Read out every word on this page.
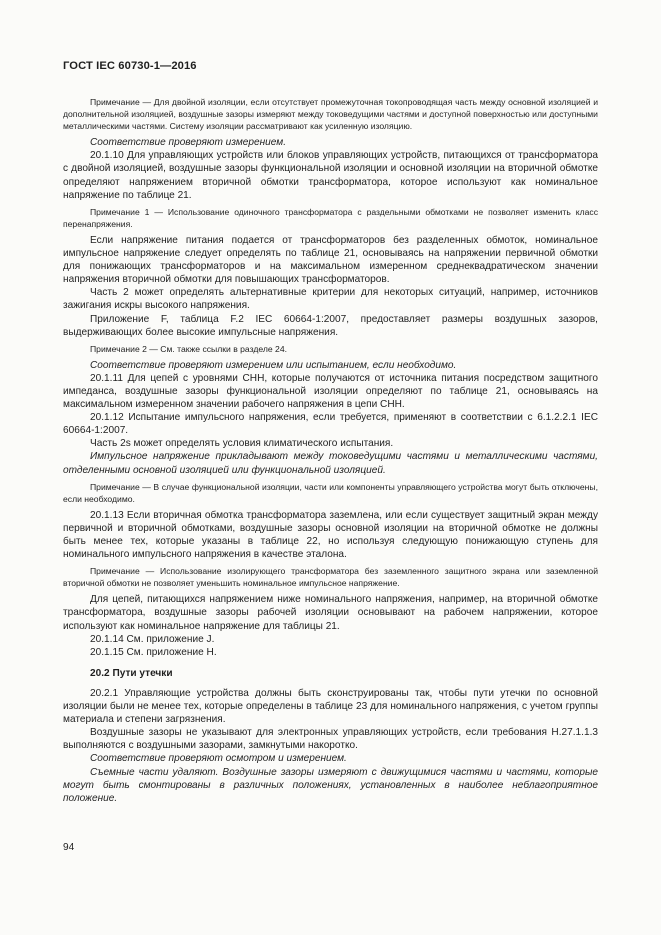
ГОСТ IEC 60730-1—2016

Примечание — Для двойной изоляции, если отсутствует промежуточная токопроводящая часть между основной изоляцией и дополнительной изоляцией, воздушные зазоры измеряют между токоведущими частями и доступной поверхностью или доступными металлическими частями. Систему изоляции рассматривают как усиленную изоляцию.

Соответствие проверяют измерением.

20.1.10 Для управляющих устройств или блоков управляющих устройств, питающихся от трансформатора с двойной изоляцией, воздушные зазоры функциональной изоляции и основной изоляции на вторичной обмотке определяют напряжением вторичной обмотки трансформатора, которое используют как номинальное напряжение по таблице 21.

Примечание 1 — Использование одиночного трансформатора с раздельными обмотками не позволяет изменить класс перенапряжения.

Если напряжение питания подается от трансформаторов без разделенных обмоток, номинальное импульсное напряжение следует определять по таблице 21, основываясь на напряжении первичной обмотки для понижающих трансформаторов и на максимальном измеренном среднеквадратическом значении напряжения вторичной обмотки для повышающих трансформаторов.

Часть 2 может определять альтернативные критерии для некоторых ситуаций, например, источников зажигания искры высокого напряжения.

Приложение F, таблица F.2 IEC 60664-1:2007, предоставляет размеры воздушных зазоров, выдерживающих более высокие импульсные напряжения.

Примечание 2 — См. также ссылки в разделе 24.

Соответствие проверяют измерением или испытанием, если необходимо.

20.1.11 Для цепей с уровнями СНН, которые получаются от источника питания посредством защитного импеданса, воздушные зазоры функциональной изоляции определяют по таблице 21, основываясь на максимальном измеренном значении рабочего напряжения в цепи СНН.

20.1.12 Испытание импульсного напряжения, если требуется, применяют в соответствии с 6.1.2.2.1 IEC 60664-1:2007.

Часть 2s может определять условия климатического испытания.

Импульсное напряжение прикладывают между токоведущими частями и металлическими частями, отделенными основной изоляцией или функциональной изоляцией.

Примечание — В случае функциональной изоляции, части или компоненты управляющего устройства могут быть отключены, если необходимо.

20.1.13 Если вторичная обмотка трансформатора заземлена, или если существует защитный экран между первичной и вторичной обмотками, воздушные зазоры основной изоляции на вторичной обмотке не должны быть менее тех, которые указаны в таблице 22, но используя следующую понижающую ступень для номинального импульсного напряжения в качестве эталона.

Примечание — Использование изолирующего трансформатора без заземленного защитного экрана или заземленной вторичной обмотки не позволяет уменьшить номинальное импульсное напряжение.

Для цепей, питающихся напряжением ниже номинального напряжения, например, на вторичной обмотке трансформатора, воздушные зазоры рабочей изоляции основывают на рабочем напряжении, которое используют как номинальное напряжение для таблицы 21.

20.1.14 См. приложение J.

20.1.15 См. приложение H.

20.2 Пути утечки

20.2.1 Управляющие устройства должны быть сконструированы так, чтобы пути утечки по основной изоляции были не менее тех, которые определены в таблице 23 для номинального напряжения, с учетом группы материала и степени загрязнения.

Воздушные зазоры не указывают для электронных управляющих устройств, если требования Н.27.1.1.3 выполняются с воздушными зазорами, замкнутыми накоротко.

Соответствие проверяют осмотром и измерением.

Съемные части удаляют. Воздушные зазоры измеряют с движущимися частями и частями, которые могут быть смонтированы в различных положениях, установленных в наиболее неблагоприятное положение.

94
